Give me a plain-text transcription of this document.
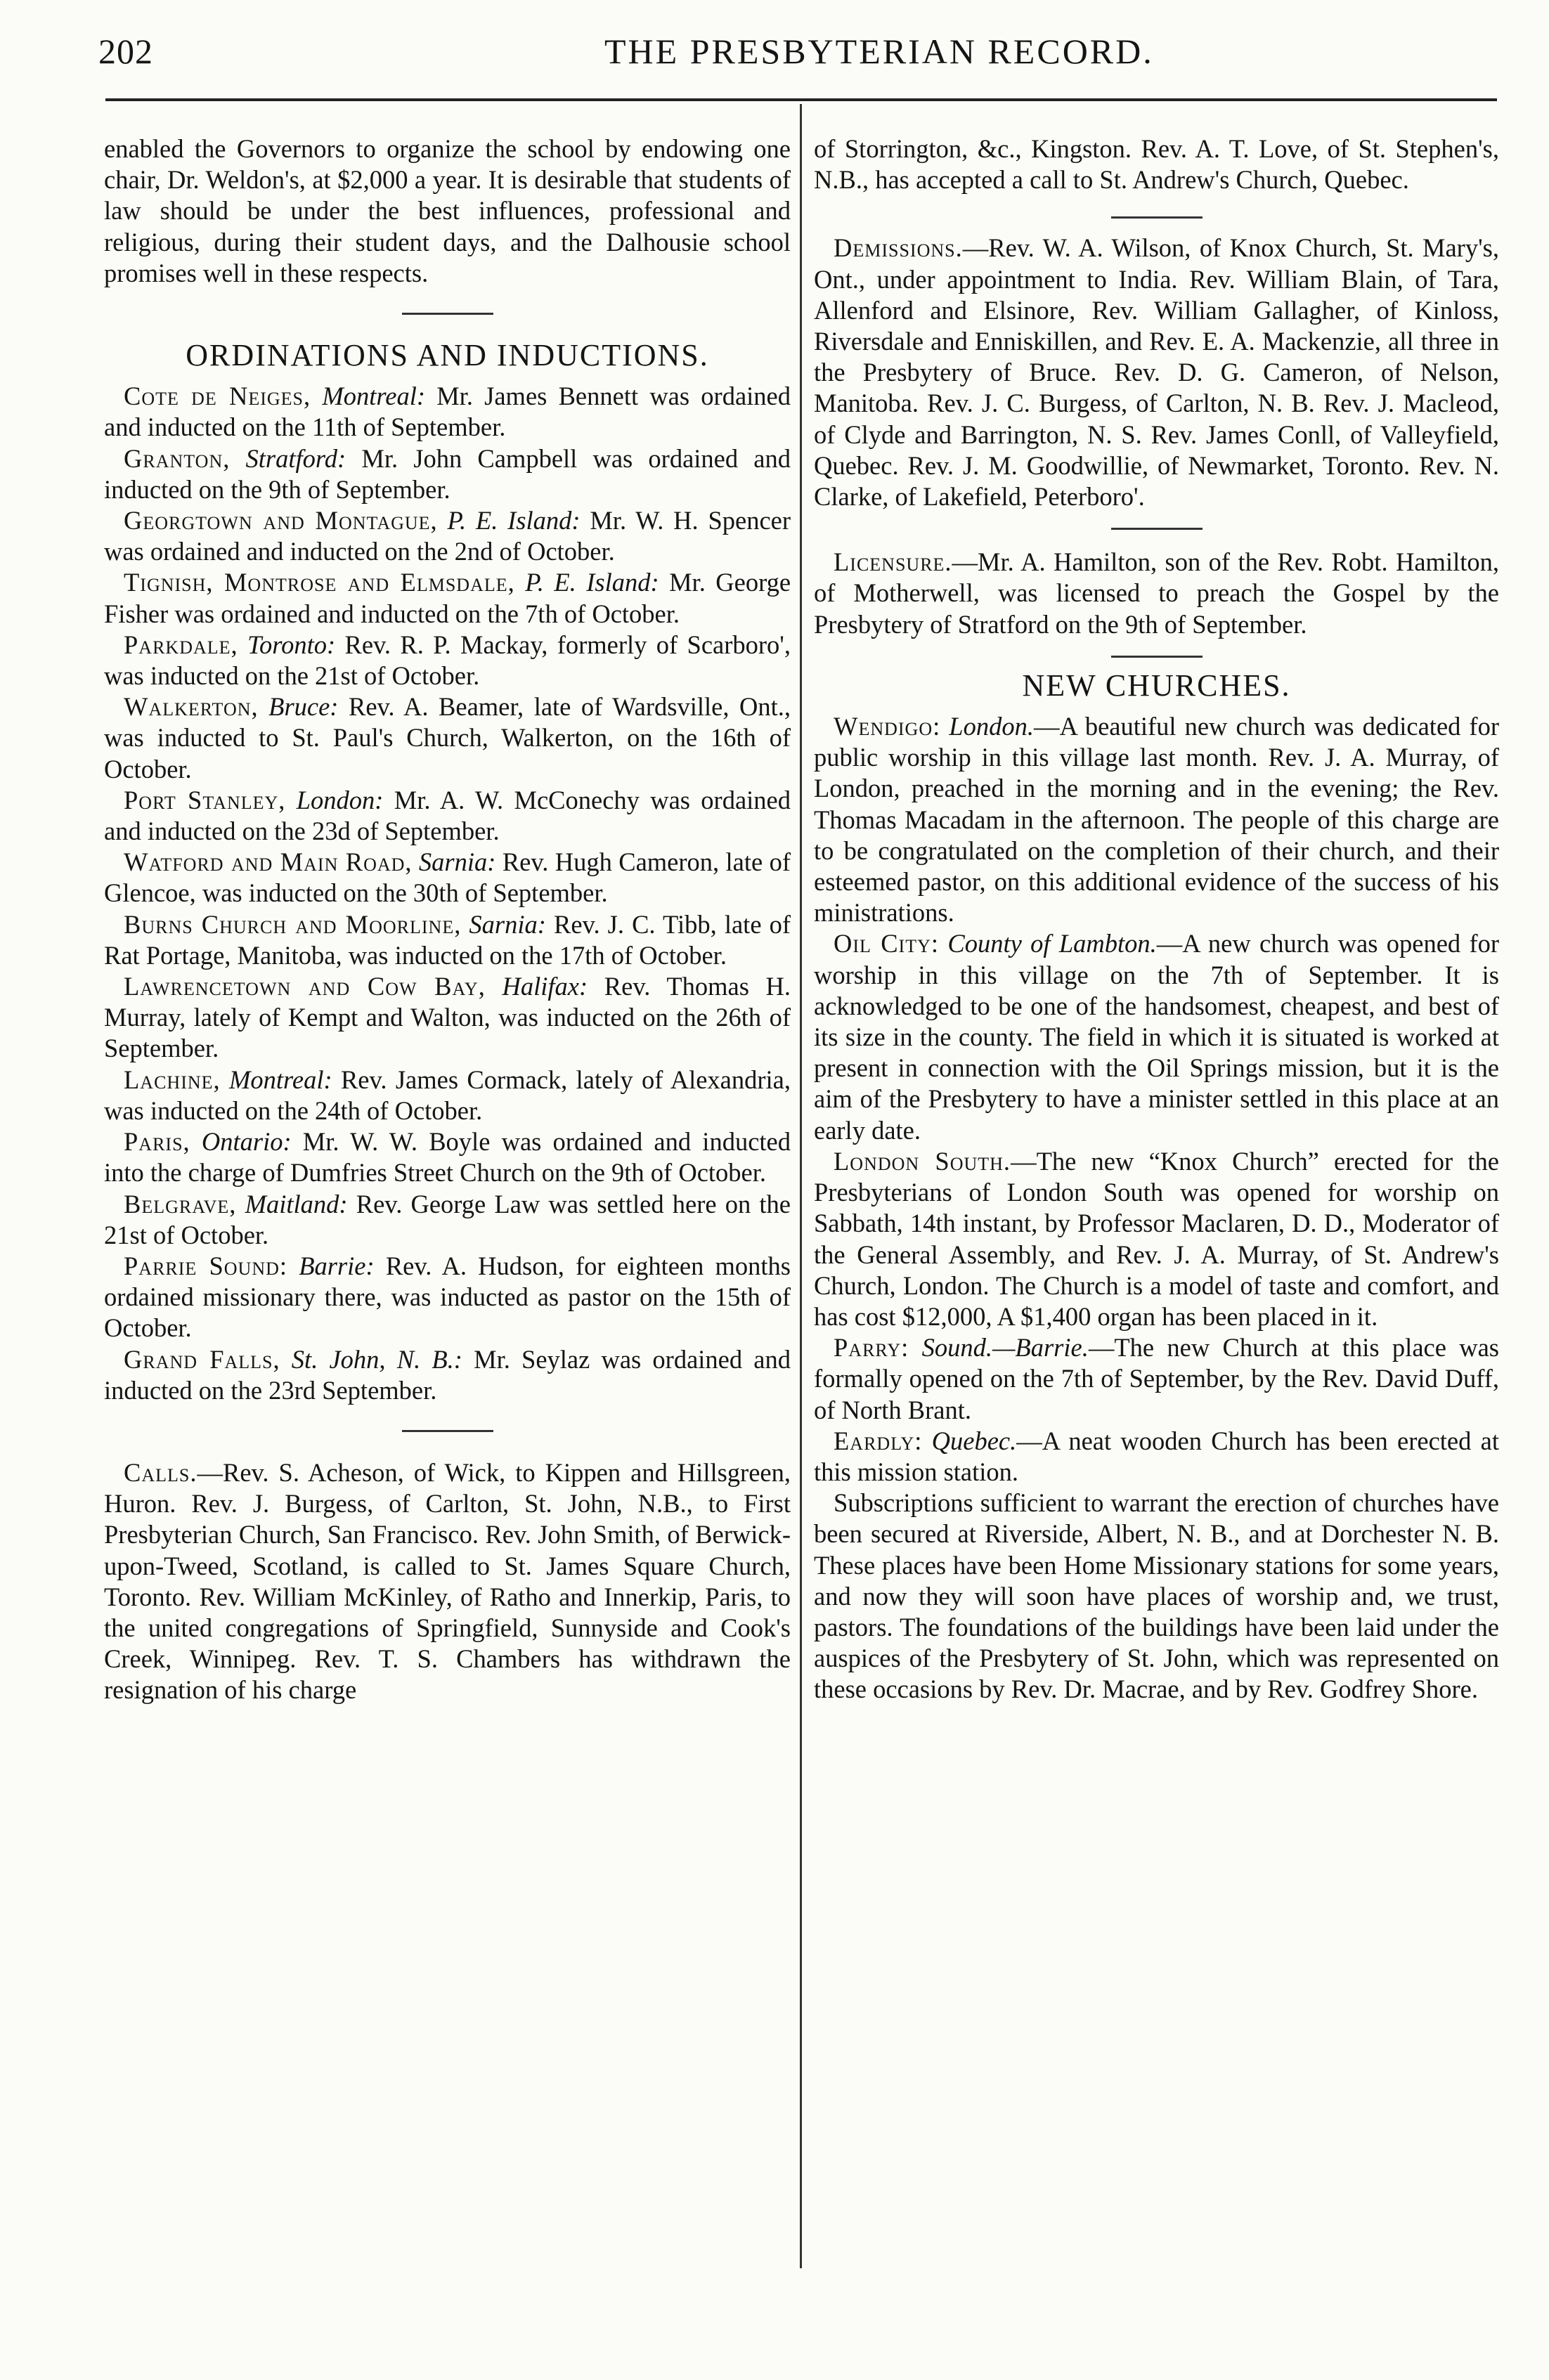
202	THE PRESBYTERIAN RECORD.

enabled the Governors to organize the school by endowing one chair, Dr. Weldon's, at $2,000 a year. It is desirable that students of law should be under the best influences, professional and religious, during their student days, and the Dalhousie school promises well in these respects.

ORDINATIONS AND INDUCTIONS.

Cote de Neiges, Montreal: Mr. James Bennett was ordained and inducted on the 11th of September.

Granton, Stratford: Mr. John Campbell was ordained and inducted on the 9th of September.

Georgtown and Montague, P. E. Island: Mr. W. H. Spencer was ordained and inducted on the 2nd of October.

Tignish, Montrose and Elmsdale, P. E. Island: Mr. George Fisher was ordained and inducted on the 7th of October.

Parkdale, Toronto: Rev. R. P. Mackay, formerly of Scarboro', was inducted on the 21st of October.

Walkerton, Bruce: Rev. A. Beamer, late of Wardsville, Ont., was inducted to St. Paul's Church, Walkerton, on the 16th of October.

Port Stanley, London: Mr. A. W. McConechy was ordained and inducted on the 23d of September.

Watford and Main Road, Sarnia: Rev. Hugh Cameron, late of Glencoe, was inducted on the 30th of September.

Burns Church and Moorline, Sarnia: Rev. J. C. Tibb, late of Rat Portage, Manitoba, was inducted on the 17th of October.

Lawrencetown and Cow Bay, Halifax: Rev. Thomas H. Murray, lately of Kempt and Walton, was inducted on the 26th of September.

Lachine, Montreal: Rev. James Cormack, lately of Alexandria, was inducted on the 24th of October.

Paris, Ontario: Mr. W. W. Boyle was ordained and inducted into the charge of Dumfries Street Church on the 9th of October.

Belgrave, Maitland: Rev. George Law was settled here on the 21st of October.

Parrie Sound: Barrie: Rev. A. Hudson, for eighteen months ordained missionary there, was inducted as pastor on the 15th of October.

Grand Falls, St. John, N. B.: Mr. Seylaz was ordained and inducted on the 23rd September.

Calls.—Rev. S. Acheson, of Wick, to Kippen and Hillsgreen, Huron. Rev. J. Burgess, of Carlton, St. John, N.B., to First Presbyterian Church, San Francisco. Rev. John Smith, of Berwick-upon-Tweed, Scotland, is called to St. James Square Church, Toronto. Rev. William McKinley, of Ratho and Innerkip, Paris, to the united congregations of Springfield, Sunnyside and Cook's Creek, Winnipeg. Rev. T. S. Chambers has withdrawn the resignation of his charge

of Storrington, &c., Kingston. Rev. A. T. Love, of St. Stephen's, N.B., has accepted a call to St. Andrew's Church, Quebec.

Demissions.—Rev. W. A. Wilson, of Knox Church, St. Mary's, Ont., under appointment to India. Rev. William Blain, of Tara, Allenford and Elsinore, Rev. William Gallagher, of Kinloss, Riversdale and Enniskillen, and Rev. E. A. Mackenzie, all three in the Presbytery of Bruce. Rev. D. G. Cameron, of Nelson, Manitoba. Rev. J. C. Burgess, of Carlton, N. B. Rev. J. Macleod, of Clyde and Barrington, N. S. Rev. James Conll, of Valleyfield, Quebec. Rev. J. M. Goodwillie, of Newmarket, Toronto. Rev. N. Clarke, of Lakefield, Peterboro'.

Licensure.—Mr. A. Hamilton, son of the Rev. Robt. Hamilton, of Motherwell, was licensed to preach the Gospel by the Presbytery of Stratford on the 9th of September.

NEW CHURCHES.

Wendigo: London.—A beautiful new church was dedicated for public worship in this village last month. Rev. J. A. Murray, of London, preached in the morning and in the evening; the Rev. Thomas Macadam in the afternoon. The people of this charge are to be congratulated on the completion of their church, and their esteemed pastor, on this additional evidence of the success of his ministrations.

Oil City: County of Lambton.—A new church was opened for worship in this village on the 7th of September. It is acknowledged to be one of the handsomest, cheapest, and best of its size in the county. The field in which it is situated is worked at present in connection with the Oil Springs mission, but it is the aim of the Presbytery to have a minister settled in this place at an early date.

London South.—The new “Knox Church” erected for the Presbyterians of London South was opened for worship on Sabbath, 14th instant, by Professor Maclaren, D. D., Moderator of the General Assembly, and Rev. J. A. Murray, of St. Andrew's Church, London. The Church is a model of taste and comfort, and has cost $12,000, A $1,400 organ has been placed in it.

Parry: Sound.—Barrie.—The new Church at this place was formally opened on the 7th of September, by the Rev. David Duff, of North Brant.

Eardly: Quebec.—A neat wooden Church has been erected at this mission station.

Subscriptions sufficient to warrant the erection of churches have been secured at Riverside, Albert, N. B., and at Dorchester N. B. These places have been Home Missionary stations for some years, and now they will soon have places of worship and, we trust, pastors. The foundations of the buildings have been laid under the auspices of the Presbytery of St. John, which was represented on these occasions by Rev. Dr. Macrae, and by Rev. Godfrey Shore.
